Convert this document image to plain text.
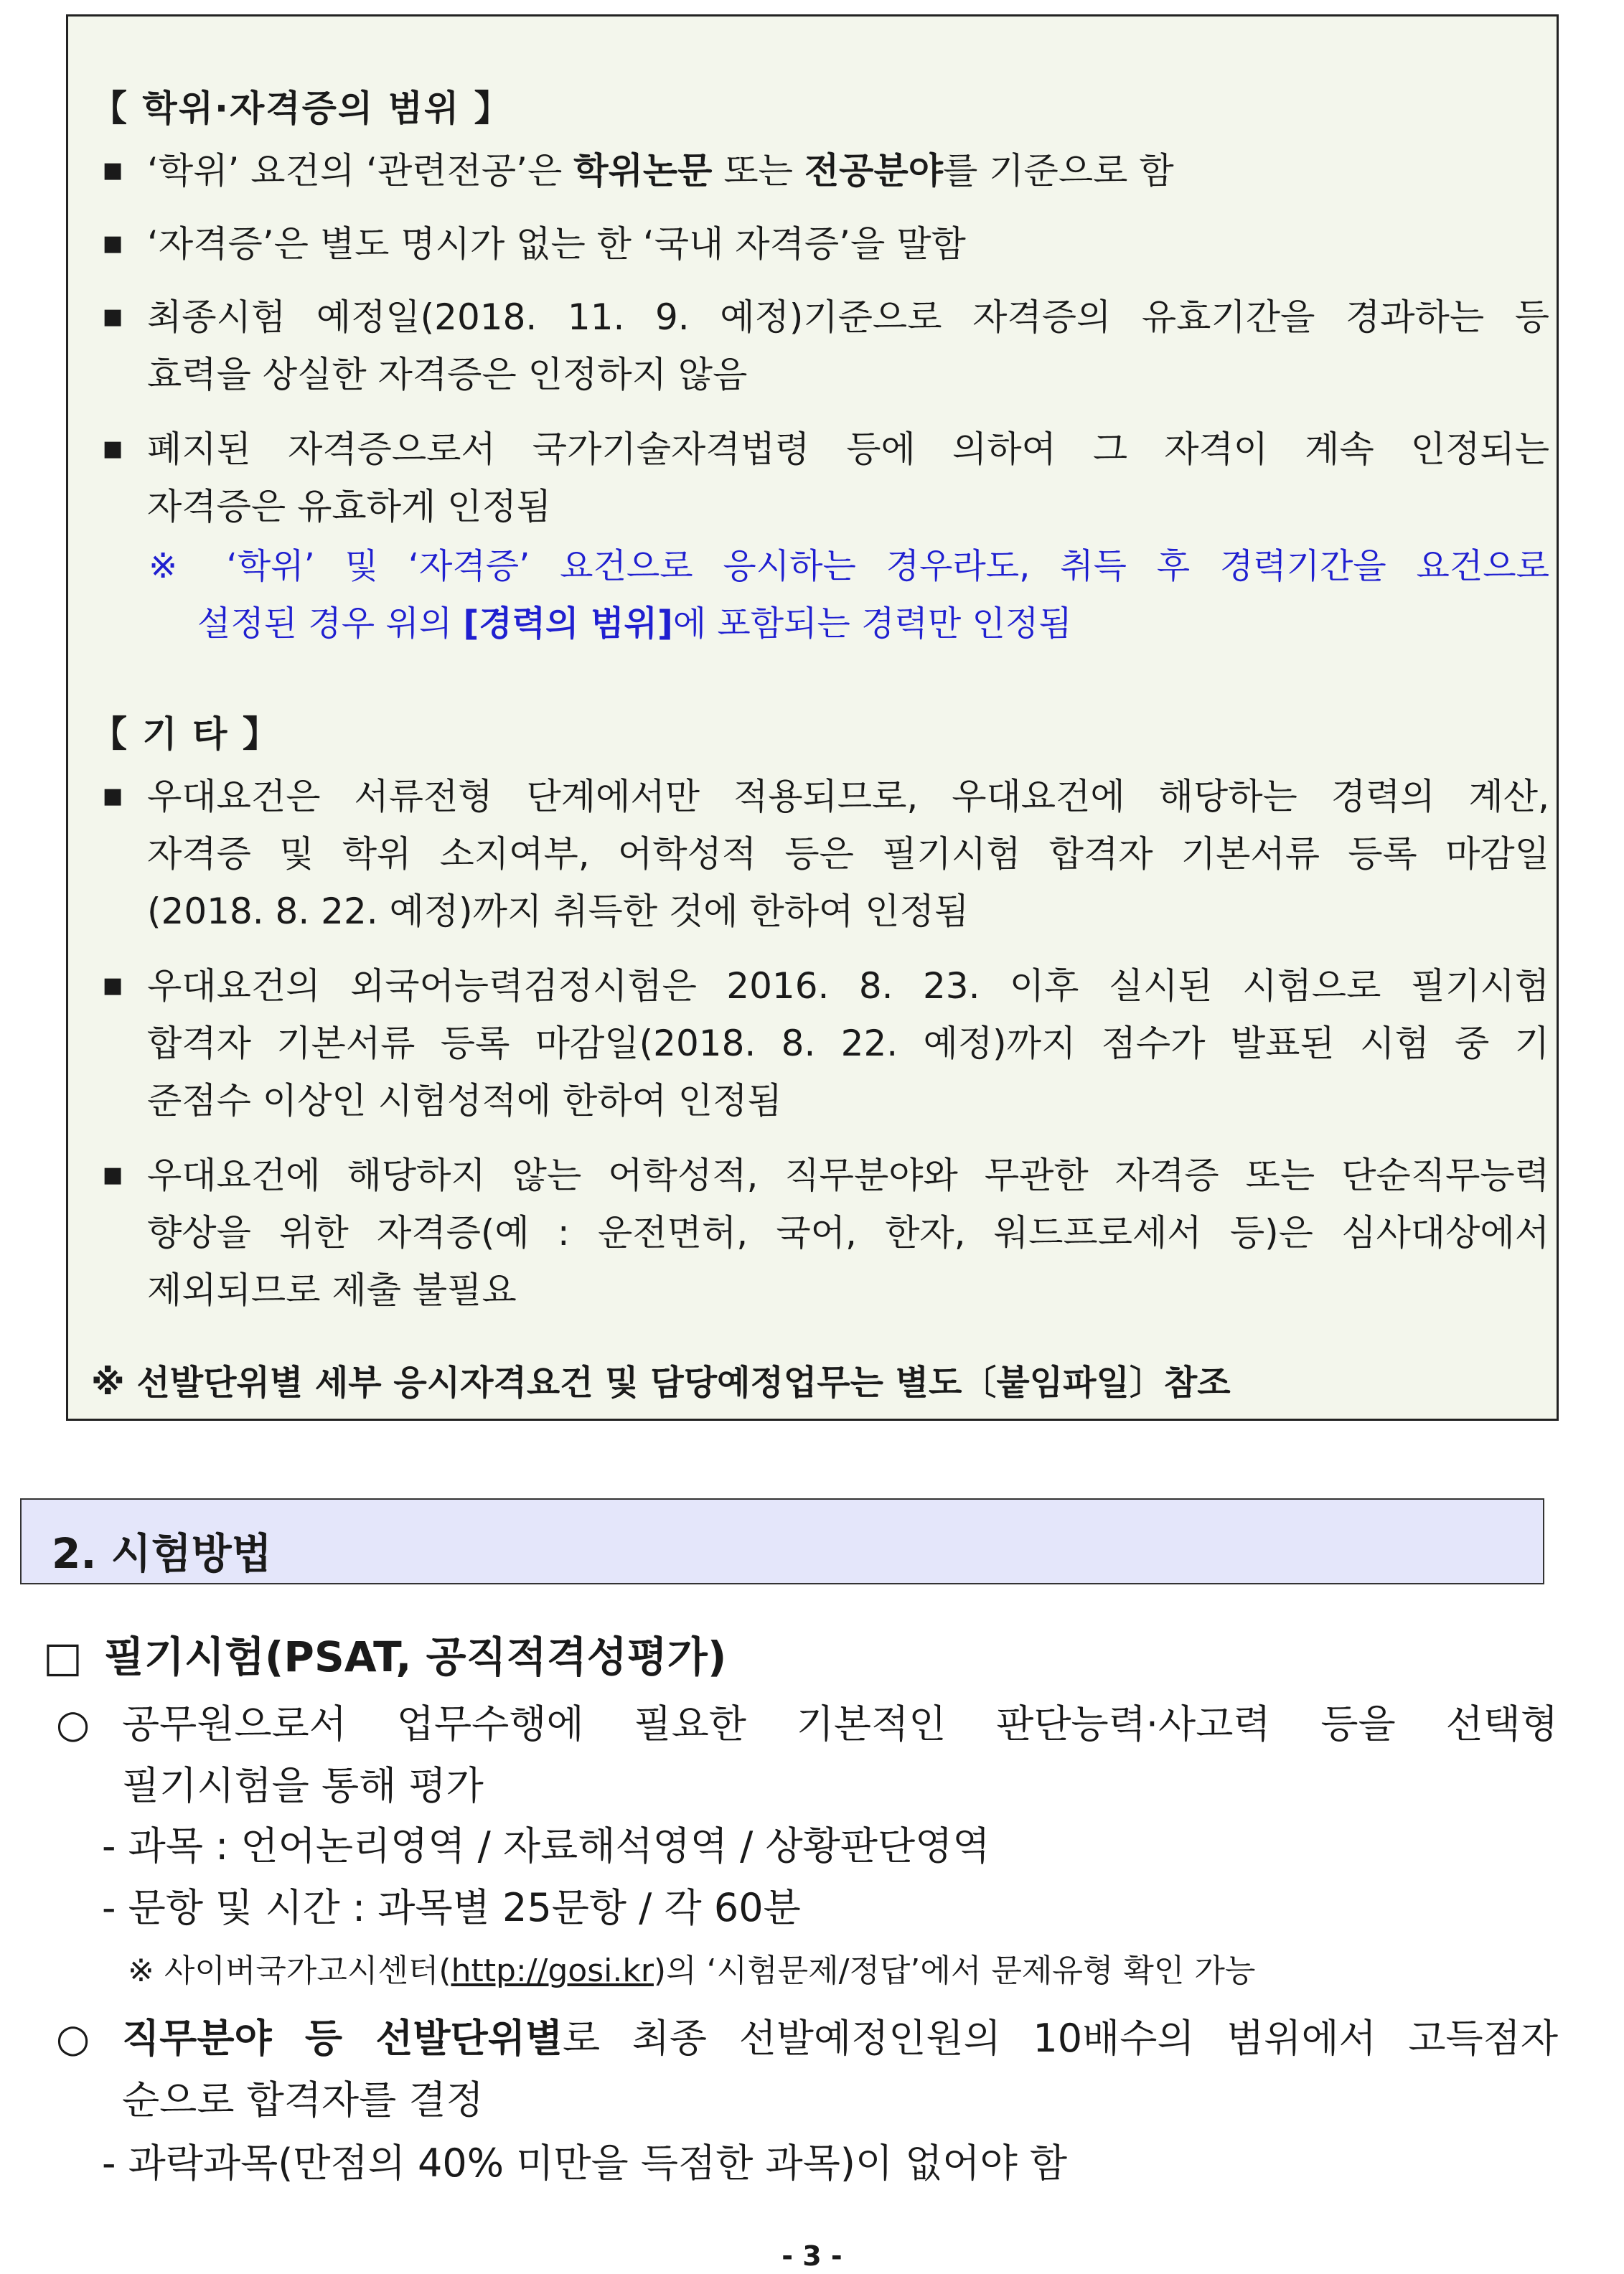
【 학위·자격증의 범위 】
■ ‘학위’ 요건의 ‘관련전공’은 학위논문 또는 전공분야를 기준으로 함
■ ‘자격증’은 별도 명시가 없는 한 ‘국내 자격증’을 말함
■ 최종시험 예정일(2018. 11. 9. 예정)기준으로 자격증의 유효기간을 경과하는 등
효력을 상실한 자격증은 인정하지 않음
■ 폐지된 자격증으로서 국가기술자격법령 등에 의하여 그 자격이 계속 인정되는
자격증은 유효하게 인정됨
※ ‘학위’ 및 ‘자격증’ 요건으로 응시하는 경우라도, 취득 후 경력기간을 요건으로
설정된 경우 위의 [경력의 범위]에 포함되는 경력만 인정됨
【 기 타 】
■ 우대요건은 서류전형 단계에서만 적용되므로, 우대요건에 해당하는 경력의 계산,
자격증 및 학위 소지여부, 어학성적 등은 필기시험 합격자 기본서류 등록 마감일
(2018. 8. 22. 예정)까지 취득한 것에 한하여 인정됨
■ 우대요건의 외국어능력검정시험은 2016. 8. 23. 이후 실시된 시험으로 필기시험
합격자 기본서류 등록 마감일(2018. 8. 22. 예정)까지 점수가 발표된 시험 중 기
준점수 이상인 시험성적에 한하여 인정됨
■ 우대요건에 해당하지 않는 어학성적, 직무분야와 무관한 자격증 또는 단순직무능력
향상을 위한 자격증(예 : 운전면허, 국어, 한자, 워드프로세서 등)은 심사대상에서
제외되므로 제출 불필요
※ 선발단위별 세부 응시자격요건 및 담당예정업무는 별도〔붙임파일〕참조
2. 시험방법
□ 필기시험(PSAT, 공직적격성평가)
○ 공무원으로서 업무수행에 필요한 기본적인 판단능력·사고력 등을 선택형
필기시험을 통해 평가
- 과목 : 언어논리영역 / 자료해석영역 / 상황판단영역
- 문항 및 시간 : 과목별 25문항 / 각 60분
※ 사이버국가고시센터(http://gosi.kr)의 ‘시험문제/정답’에서 문제유형 확인 가능
○ 직무분야 등 선발단위별로 최종 선발예정인원의 10배수의 범위에서 고득점자
순으로 합격자를 결정
- 과락과목(만점의 40% 미만을 득점한 과목)이 없어야 함
- 3 -
